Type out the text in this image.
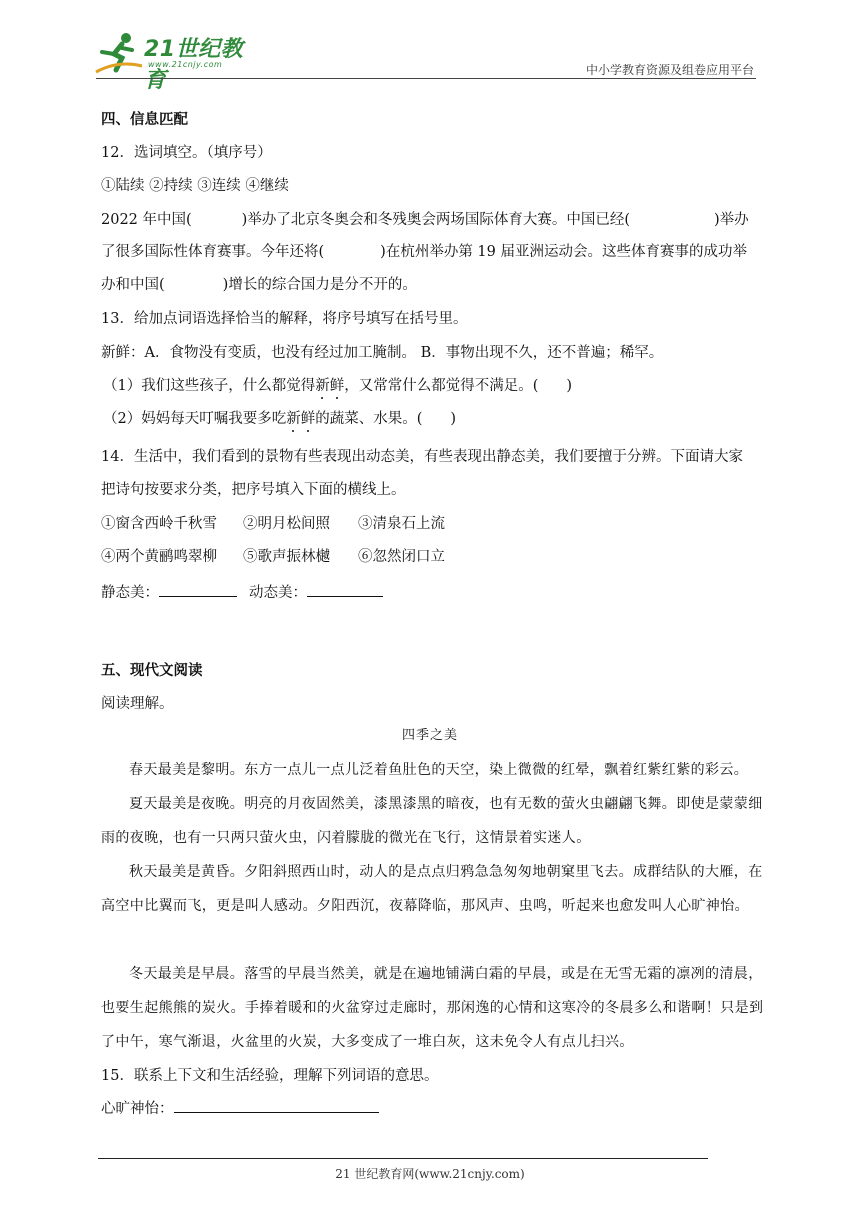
21世纪教育
www.21cnjy.com	中小学教育资源及组卷应用平台
四、信息匹配
12．选词填空。（填序号）
①陆续 ②持续 ③连续 ④继续
2022 年中国(	)举办了北京冬奥会和冬残奥会两场国际体育大赛。中国已经(	)举办
了很多国际性体育赛事。今年还将(	)在杭州举办第 19 届亚洲运动会。这些体育赛事的成功举
办和中国(	)增长的综合国力是分不开的。
13．给加点词语选择恰当的解释，将序号填写在括号里。
新鲜：A．食物没有变质，也没有经过加工腌制。 B．事物出现不久，还不普遍；稀罕。
（1）我们这些孩子，什么都觉得新鲜，又常常什么都觉得不满足。( )
（2）妈妈每天叮嘱我要多吃新鲜的蔬菜、水果。( )
14．生活中，我们看到的景物有些表现出动态美，有些表现出静态美，我们要擅于分辨。下面请大家
把诗句按要求分类，把序号填入下面的横线上。
①窗含西岭千秋雪 ②明月松间照 ③清泉石上流
④两个黄鹂鸣翠柳 ⑤歌声振林樾 ⑥忽然闭口立
静态美：	动态美：
五、现代文阅读
阅读理解。
四季之美
春天最美是黎明。东方一点儿一点儿泛着鱼肚色的天空，染上微微的红晕，飘着红紫红紫的彩云。
夏天最美是夜晚。明亮的月夜固然美，漆黑漆黑的暗夜，也有无数的萤火虫翩翩飞舞。即使是蒙蒙细雨的夜晚，也有一只两只萤火虫，闪着朦胧的微光在飞行，这情景着实迷人。
秋天最美是黄昏。夕阳斜照西山时，动人的是点点归鸦急急匆匆地朝窠里飞去。成群结队的大雁，在高空中比翼而飞，更是叫人感动。夕阳西沉，夜幕降临，那风声、虫鸣，听起来也愈发叫人心旷神怡。
冬天最美是早晨。落雪的早晨当然美，就是在遍地铺满白霜的早晨，或是在无雪无霜的凛冽的清晨，也要生起熊熊的炭火。手捧着暖和的火盆穿过走廊时，那闲逸的心情和这寒冷的冬晨多么和谐啊！只是到了中午，寒气渐退，火盆里的火炭，大多变成了一堆白灰，这未免令人有点儿扫兴。
15．联系上下文和生活经验，理解下列词语的意思。
心旷神怡：
21 世纪教育网(www.21cnjy.com)
